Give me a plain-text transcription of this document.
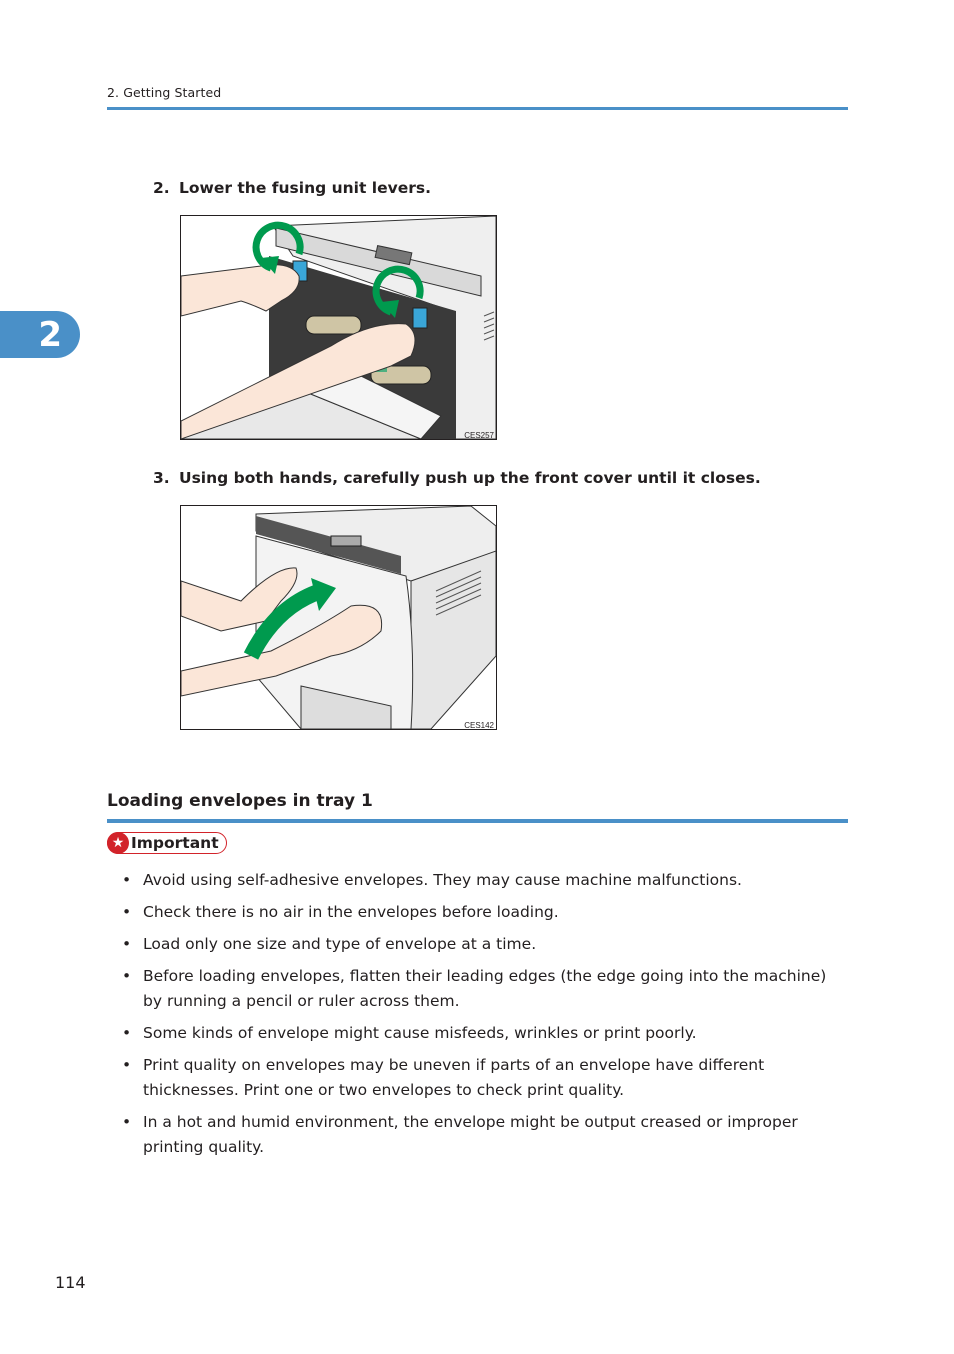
2. Getting Started
2
2. Lower the fusing unit levers.
CES257
3. Using both hands, carefully push up the front cover until it closes.
CES142
Loading envelopes in tray 1
★ Important
• Avoid using self-adhesive envelopes. They may cause machine malfunctions.
• Check there is no air in the envelopes before loading.
• Load only one size and type of envelope at a time.
• Before loading envelopes, flatten their leading edges (the edge going into the machine) by running a pencil or ruler across them.
• Some kinds of envelope might cause misfeeds, wrinkles or print poorly.
• Print quality on envelopes may be uneven if parts of an envelope have different thicknesses. Print one or two envelopes to check print quality.
• In a hot and humid environment, the envelope might be output creased or improper printing quality.
114
